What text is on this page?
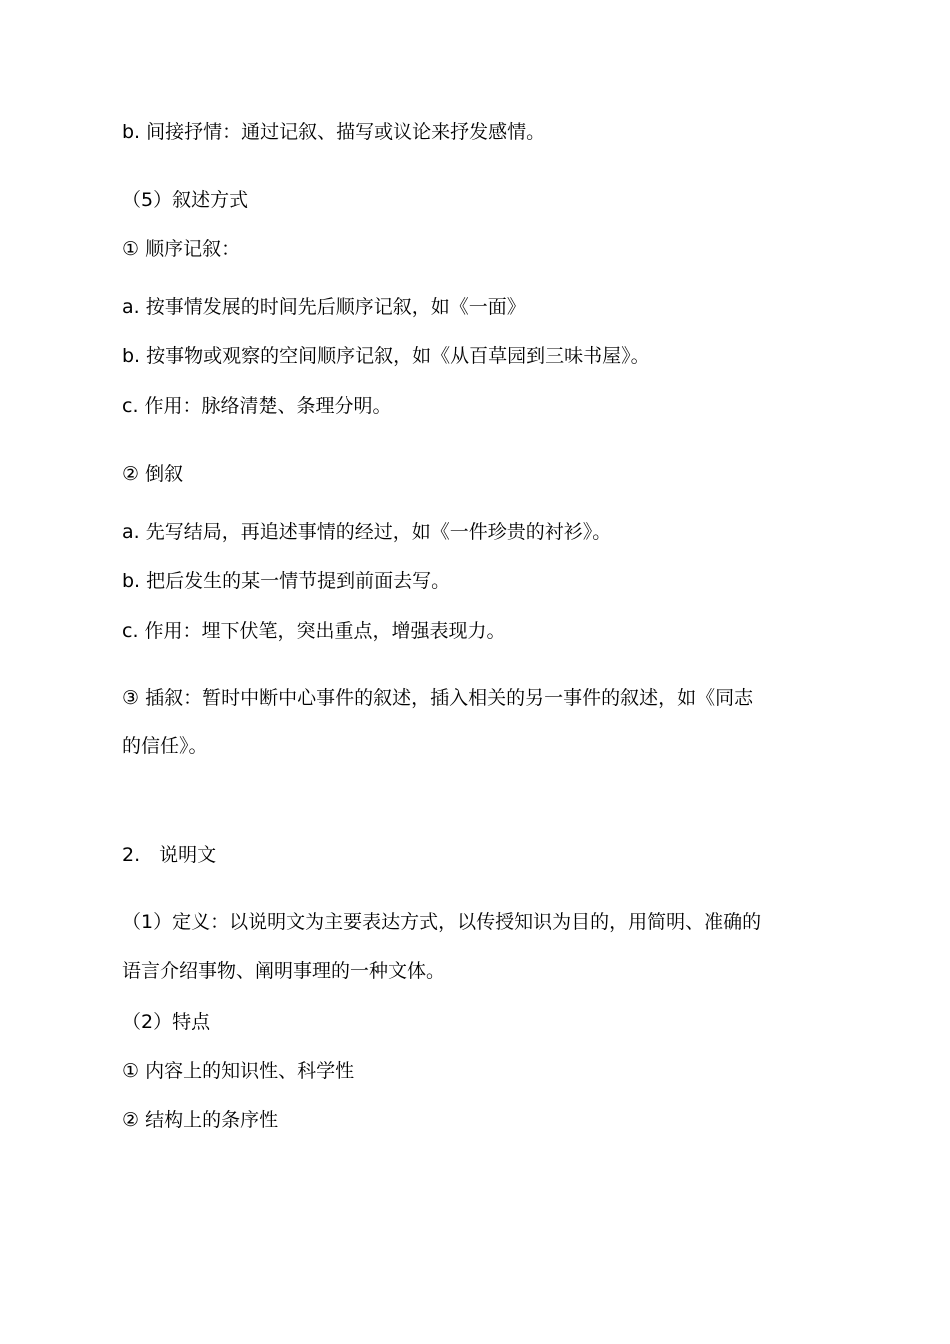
b. 间接抒情：通过记叙、描写或议论来抒发感情。
（5）叙述方式
① 顺序记叙：
a. 按事情发展的时间先后顺序记叙，如《一面》
b. 按事物或观察的空间顺序记叙，如《从百草园到三味书屋》。
c. 作用：脉络清楚、条理分明。
② 倒叙
a. 先写结局，再追述事情的经过，如《一件珍贵的衬衫》。
b. 把后发生的某一情节提到前面去写。
c. 作用：埋下伏笔，突出重点，增强表现力。
③ 插叙：暂时中断中心事件的叙述，插入相关的另一事件的叙述，如《同志
的信任》。
2.　说明文
（1）定义：以说明文为主要表达方式，以传授知识为目的，用简明、准确的
语言介绍事物、阐明事理的一种文体。
（2）特点
① 内容上的知识性、科学性
② 结构上的条序性
